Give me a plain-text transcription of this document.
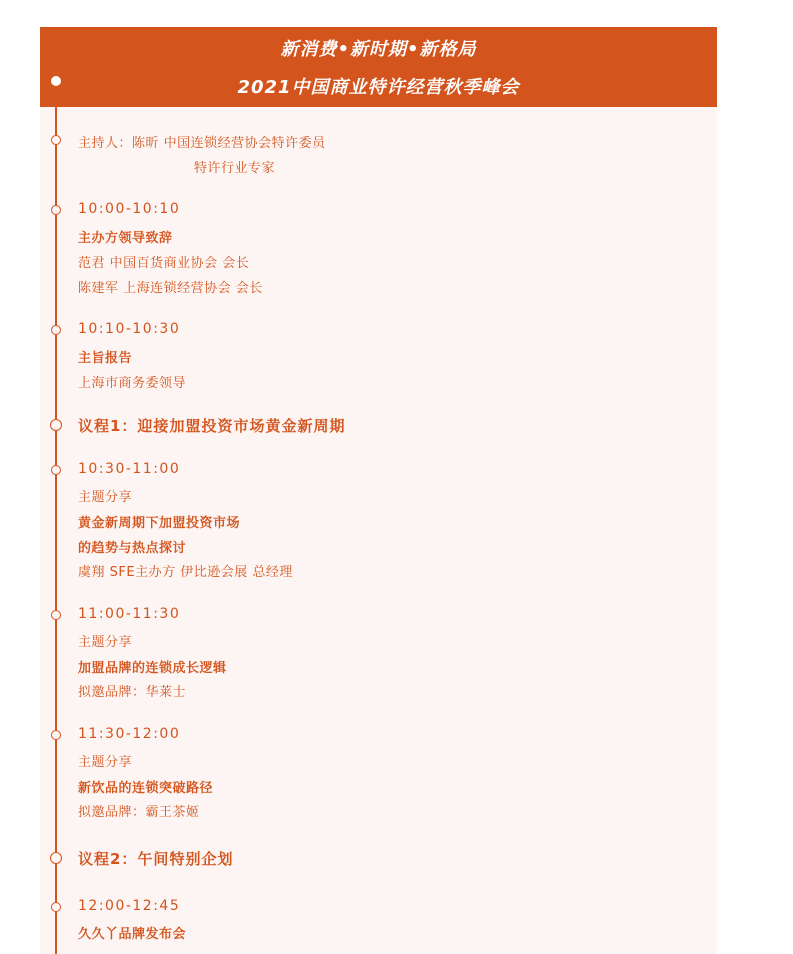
新消费•新时期•新格局
2021中国商业特许经营秋季峰会
主持人：陈昕 中国连锁经营协会特许委员
特许行业专家
10:00-10:10
主办方领导致辞
范君 中国百货商业协会 会长
陈建军 上海连锁经营协会 会长
10:10-10:30
主旨报告
上海市商务委领导
议程1：迎接加盟投资市场黄金新周期
10:30-11:00
主题分享
黄金新周期下加盟投资市场
的趋势与热点探讨
虞翔 SFE主办方 伊比逊会展 总经理
11:00-11:30
主题分享
加盟品牌的连锁成长逻辑
拟邀品牌：华莱士
11:30-12:00
主题分享
新饮品的连锁突破路径
拟邀品牌：霸王茶姬
议程2：午间特别企划
12:00-12:45
久久丫品牌发布会
